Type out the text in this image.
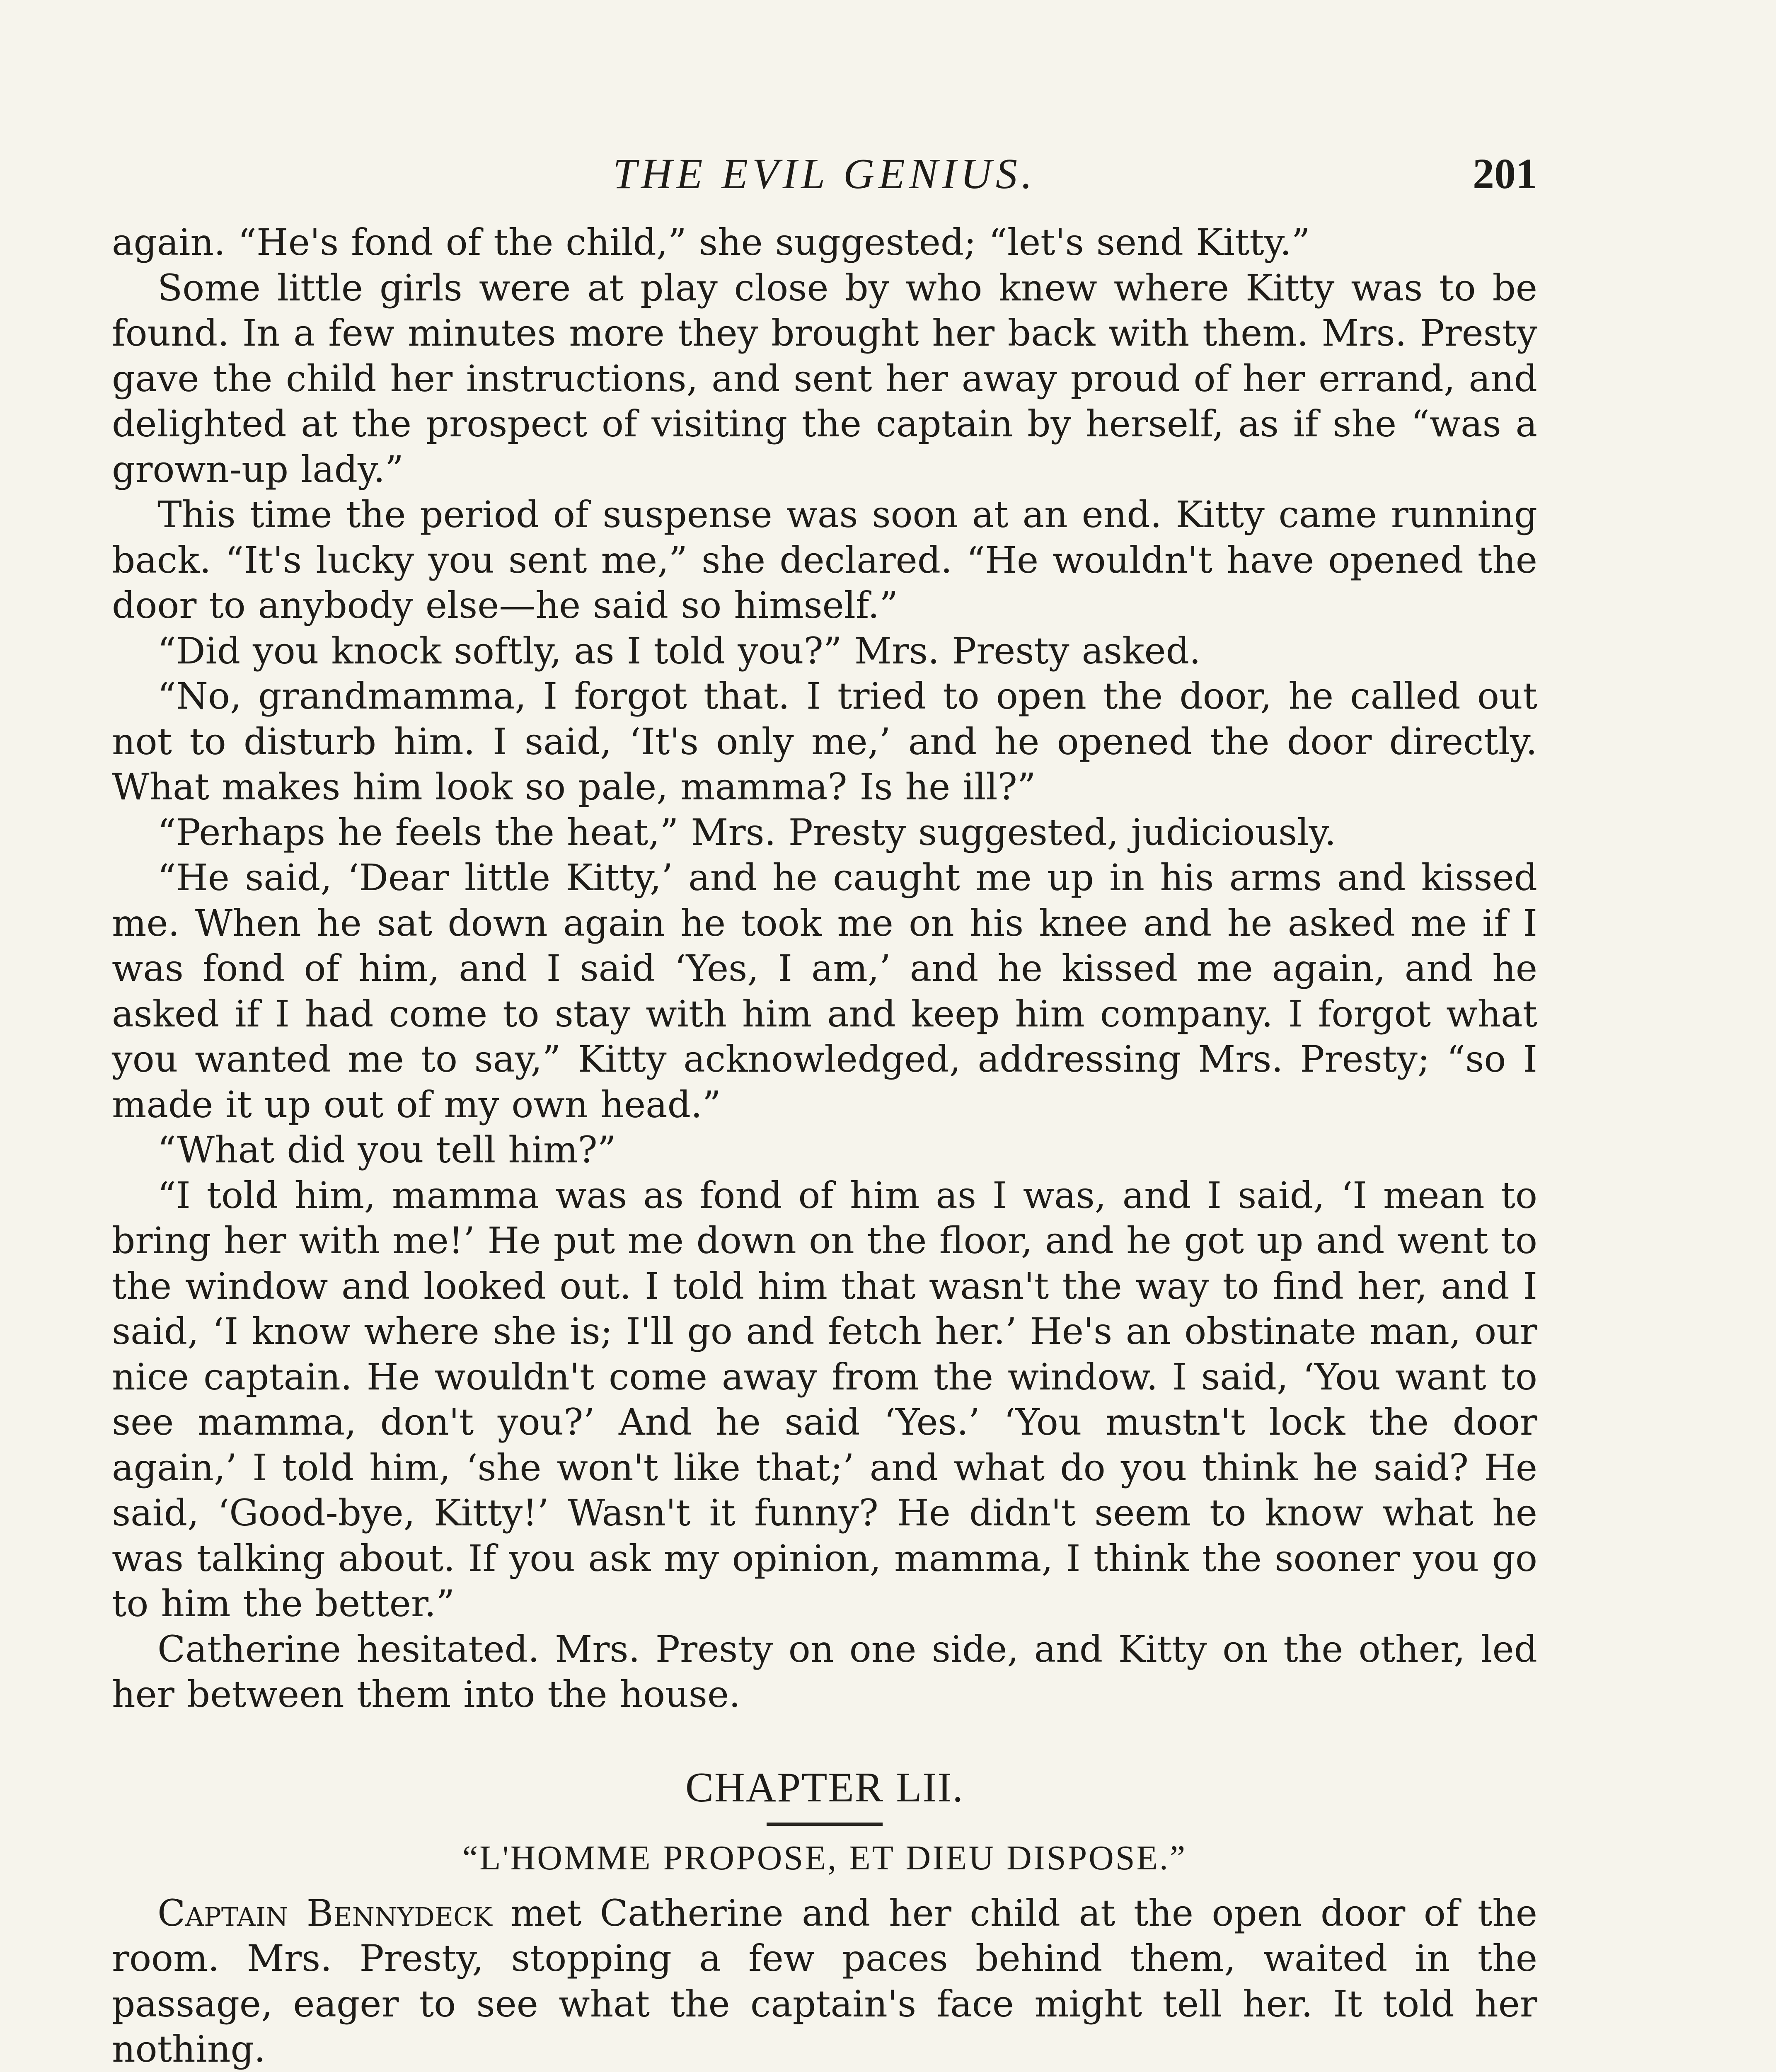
THE EVIL GENIUS.	201

again. “He's fond of the child,” she suggested; “let's send Kitty.”

Some little girls were at play close by who knew where Kitty was to be found. In a few minutes more they brought her back with them. Mrs. Presty gave the child her instructions, and sent her away proud of her errand, and delighted at the prospect of visiting the captain by herself, as if she “was a grown-up lady.”

This time the period of suspense was soon at an end. Kitty came running back. “It's lucky you sent me,” she declared. “He wouldn't have opened the door to anybody else—he said so himself.”

“Did you knock softly, as I told you?” Mrs. Presty asked.

“No, grandmamma, I forgot that. I tried to open the door, he called out not to disturb him. I said, ‘It's only me,’ and he opened the door directly. What makes him look so pale, mamma? Is he ill?”

“Perhaps he feels the heat,” Mrs. Presty suggested, judiciously.

“He said, ‘Dear little Kitty,’ and he caught me up in his arms and kissed me. When he sat down again he took me on his knee and he asked me if I was fond of him, and I said ‘Yes, I am,’ and he kissed me again, and he asked if I had come to stay with him and keep him company. I forgot what you wanted me to say,” Kitty acknowledged, addressing Mrs. Presty; “so I made it up out of my own head.”

“What did you tell him?”

“I told him, mamma was as fond of him as I was, and I said, ‘I mean to bring her with me!’ He put me down on the floor, and he got up and went to the window and looked out. I told him that wasn't the way to find her, and I said, ‘I know where she is; I'll go and fetch her.’ He's an obstinate man, our nice captain. He wouldn't come away from the window. I said, ‘You want to see mamma, don't you?’ And he said ‘Yes.’ ‘You mustn't lock the door again,’ I told him, ‘she won't like that;’ and what do you think he said? He said, ‘Good-bye, Kitty!’ Wasn't it funny? He didn't seem to know what he was talking about. If you ask my opinion, mamma, I think the sooner you go to him the better.”

Catherine hesitated. Mrs. Presty on one side, and Kitty on the other, led her between them into the house.

CHAPTER LII.
“L'HOMME PROPOSE, ET DIEU DISPOSE.”

Captain Bennydeck met Catherine and her child at the open door of the room. Mrs. Presty, stopping a few paces behind them, waited in the passage, eager to see what the captain's face might tell her. It told her nothing.
